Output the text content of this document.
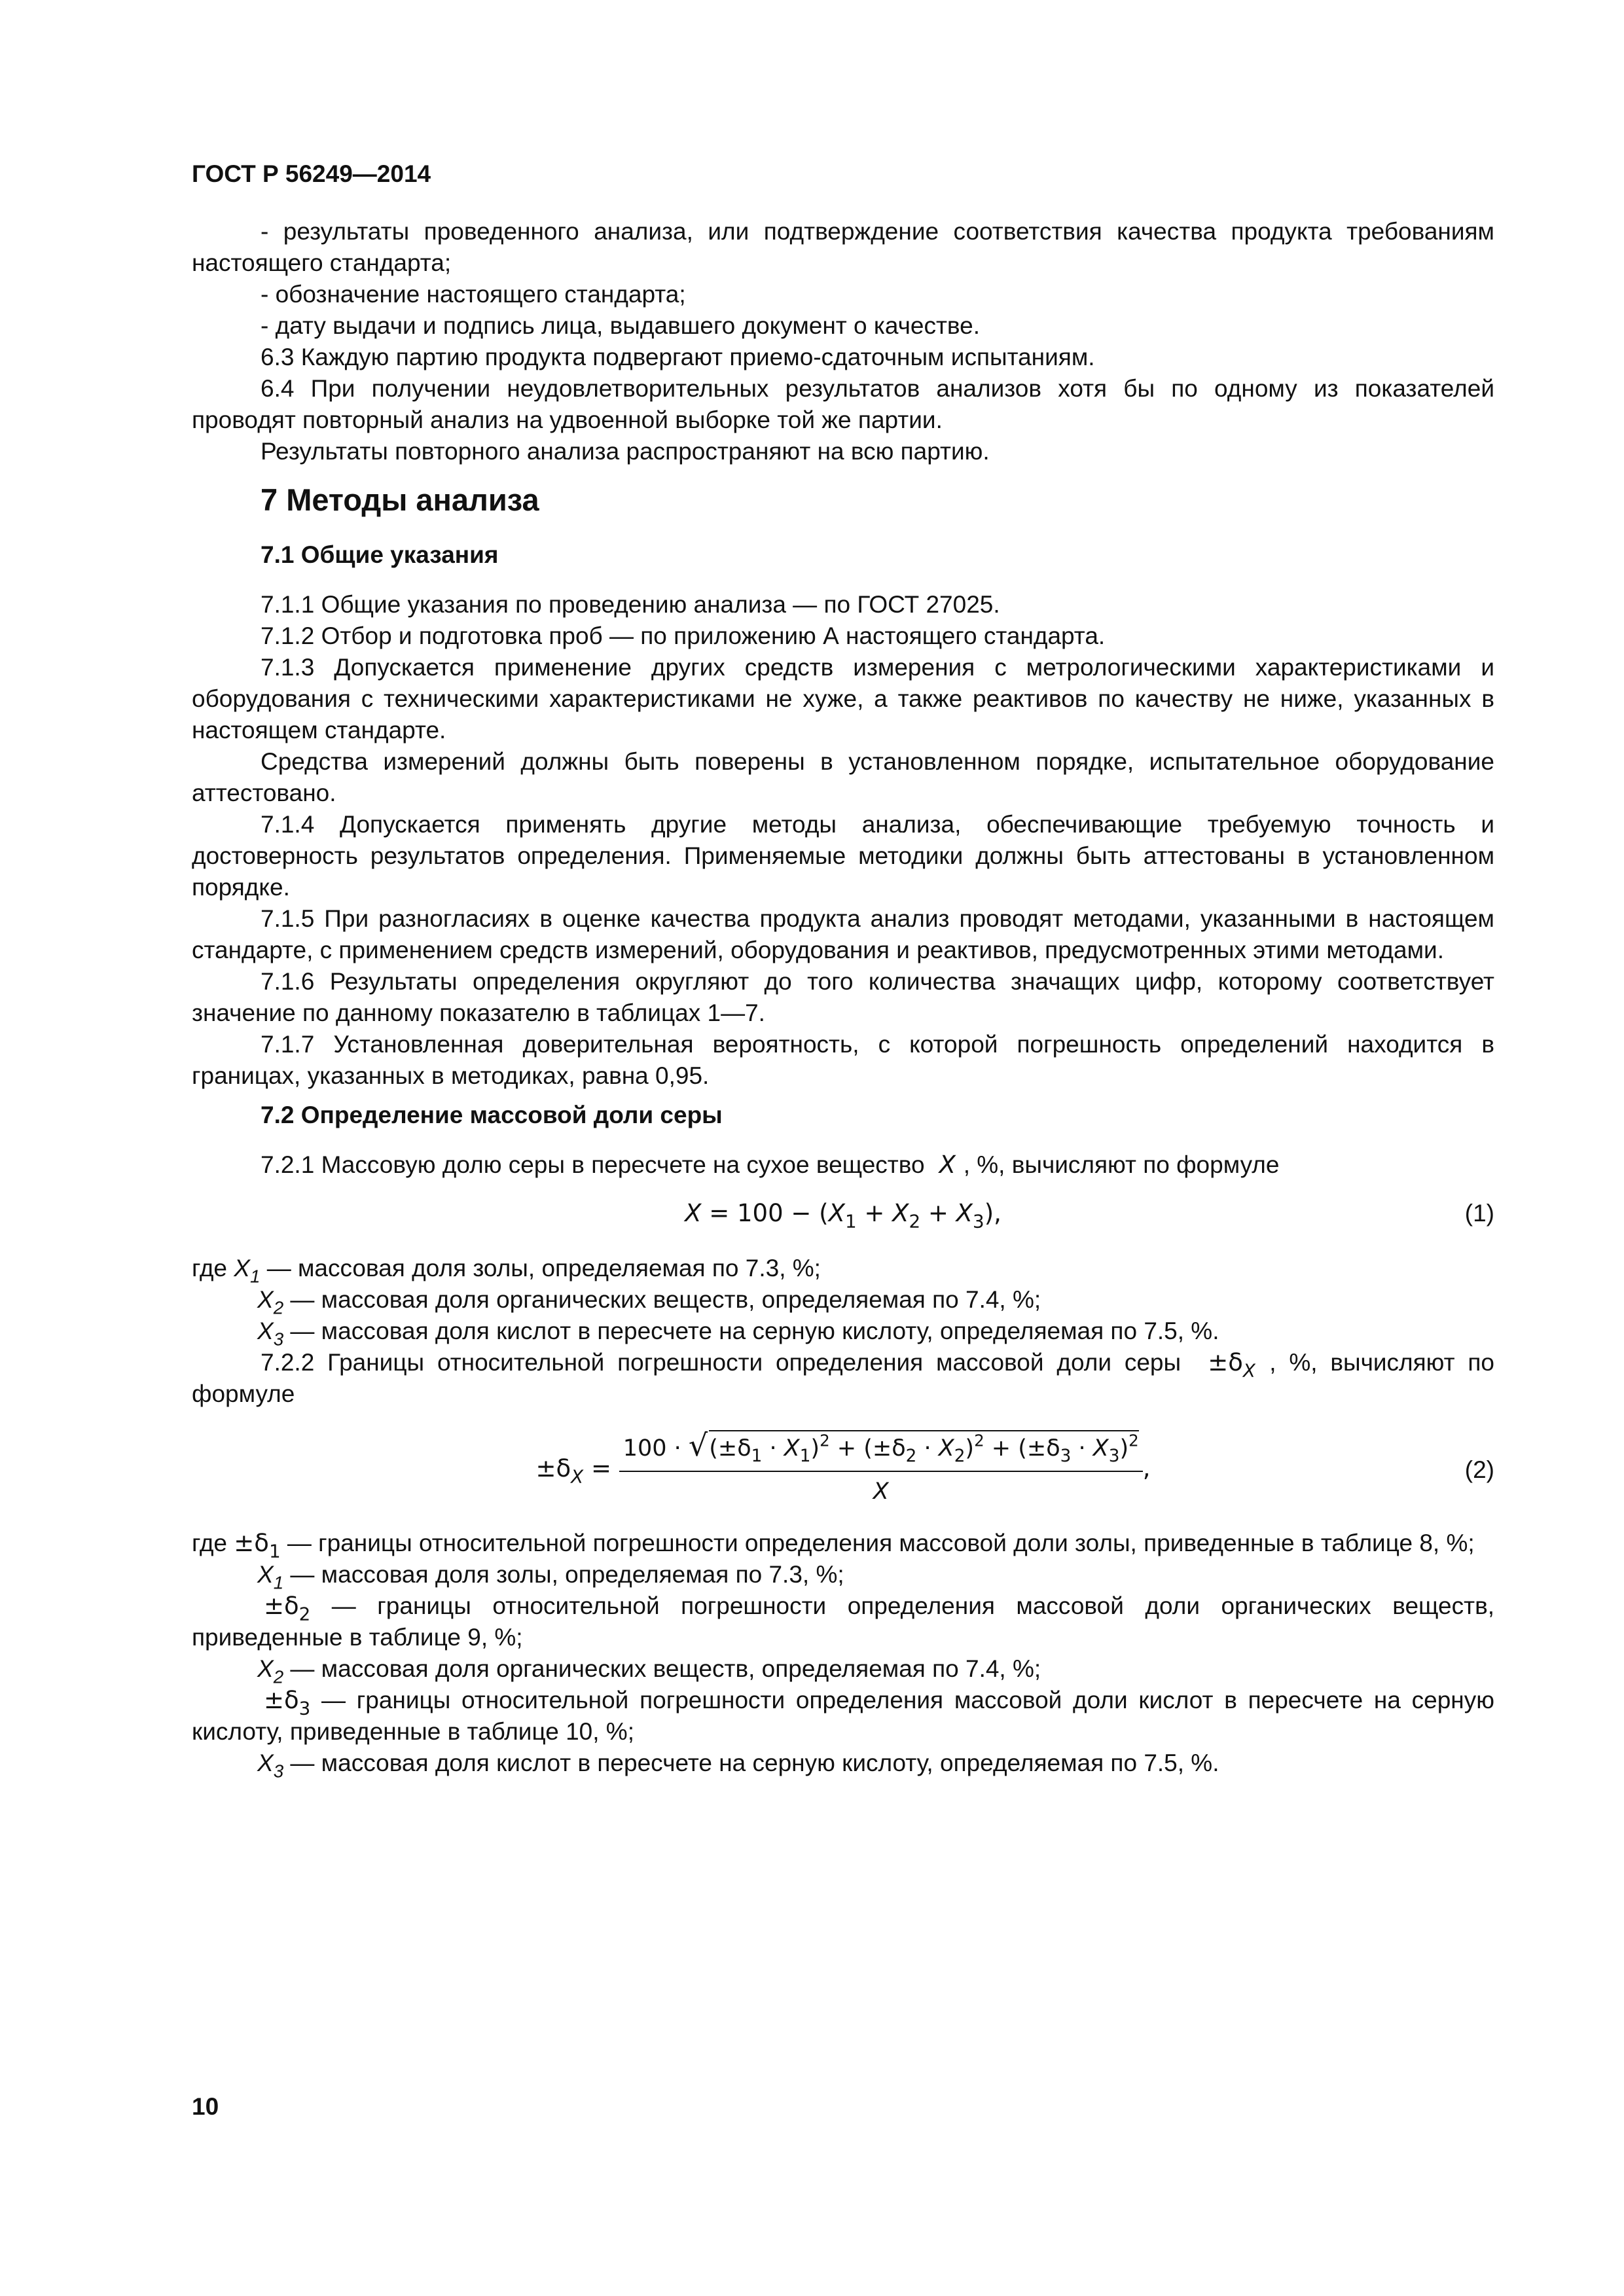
ГОСТ Р 56249—2014

- результаты проведенного анализа, или подтверждение соответствия качества продукта требованиям настоящего стандарта;

- обозначение настоящего стандарта;

- дату выдачи и подпись лица, выдавшего документ о качестве.

6.3 Каждую партию продукта подвергают приемо-сдаточным испытаниям.

6.4 При получении неудовлетворительных результатов анализов хотя бы по одному из показателей проводят повторный анализ на удвоенной выборке той же партии.

Результаты повторного анализа распространяют на всю партию.

7 Методы анализа

7.1 Общие указания

7.1.1 Общие указания по проведению анализа — по ГОСТ 27025.

7.1.2 Отбор и подготовка проб — по приложению А настоящего стандарта.

7.1.3 Допускается применение других средств измерения с метрологическими характеристиками и оборудования с техническими характеристиками не хуже, а также реактивов по качеству не ниже, указанных в настоящем стандарте.

Средства измерений должны быть поверены в установленном порядке, испытательное оборудование аттестовано.

7.1.4 Допускается применять другие методы анализа, обеспечивающие требуемую точность и достоверность результатов определения. Применяемые методики должны быть аттестованы в установленном порядке.

7.1.5 При разногласиях в оценке качества продукта анализ проводят методами, указанными в настоящем стандарте, с применением средств измерений, оборудования и реактивов, предусмотренных этими методами.

7.1.6 Результаты определения округляют до того количества значащих цифр, которому соответствует значение по данному показателю в таблицах 1—7.

7.1.7 Установленная доверительная вероятность, с которой погрешность определений находится в границах, указанных в методиках, равна 0,95.

7.2 Определение массовой доли серы

7.2.1 Массовую долю серы в пересчете на сухое вещество  X , %, вычисляют по формуле

$X = 100 - (X_1 + X_2 + X_3)$,	(1)

где $X_1$ — массовая доля золы, определяемая по 7.3, %;

$X_2$ — массовая доля органических веществ, определяемая по 7.4, %;

$X_3$ — массовая доля кислот в пересчете на серную кислоту, определяемая по 7.5, %.

7.2.2 Границы относительной погрешности определения массовой доли серы  $\pm\delta_X$ , %, вычисляют по формуле

$\pm\delta_X = \frac{100 \cdot √(\pm\delta_1 \cdot X_1)^2 + (\pm\delta_2 \cdot X_2)^2 + (\pm\delta_3 \cdot X_3)^2}{X}$ ,	(2)

где $\pm\delta_1$ — границы относительной погрешности определения массовой доли золы, приведенные в таблице 8, %;

$X_1$ — массовая доля золы, определяемая по 7.3, %;

$\pm\delta_2$ — границы относительной погрешности определения массовой доли органических веществ, приведенные в таблице 9, %;

$X_2$ — массовая доля органических веществ, определяемая по 7.4, %;

$\pm\delta_3$ — границы относительной погрешности определения массовой доли кислот в пересчете на серную кислоту, приведенные в таблице 10, %;

$X_3$ — массовая доля кислот в пересчете на серную кислоту, определяемая по 7.5, %.

10
